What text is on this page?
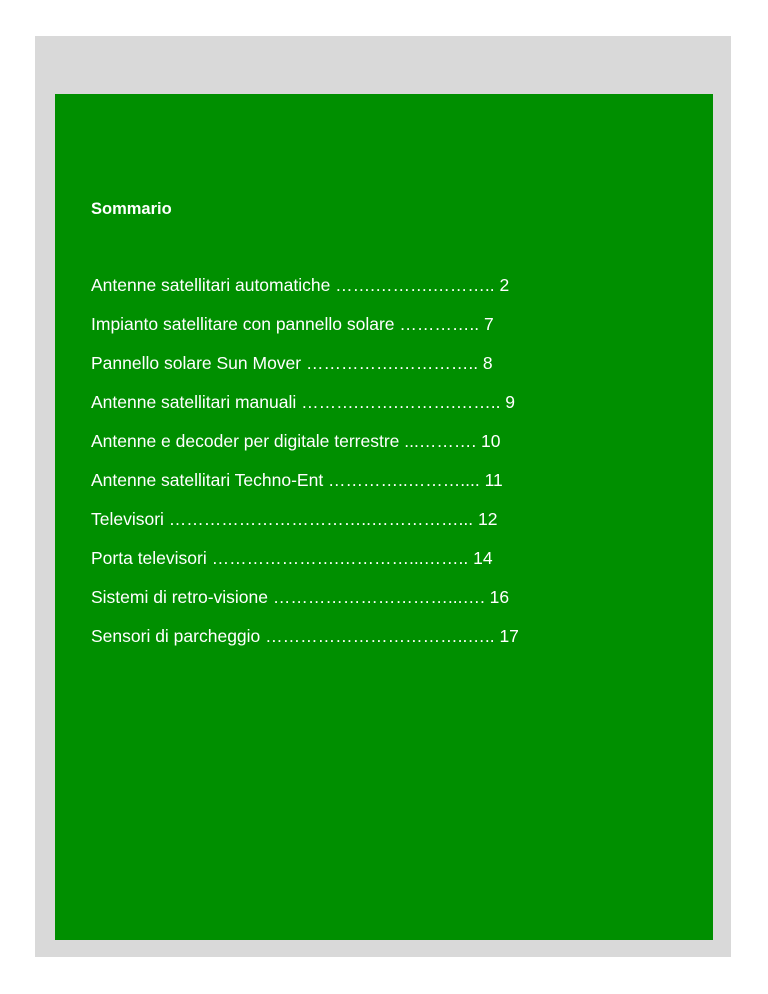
Sommario
Antenne satellitari automatiche …….……….……….. 2
Impianto satellitare con pannello solare ………….. 7
Pannello solare Sun Mover …………….………….. 8
Antenne satellitari manuali ……….…….……….…….. 9
Antenne e decoder per digitale terrestre ...………. 10
Antenne satellitari Techno-Ent …………..……….... 11
Televisori ……………………………..……………... 12
Porta televisori ………………….…………...…….. 14
Sistemi di retro-visione …………………………...…. 16
Sensori di parcheggio ……………………………..….. 17
